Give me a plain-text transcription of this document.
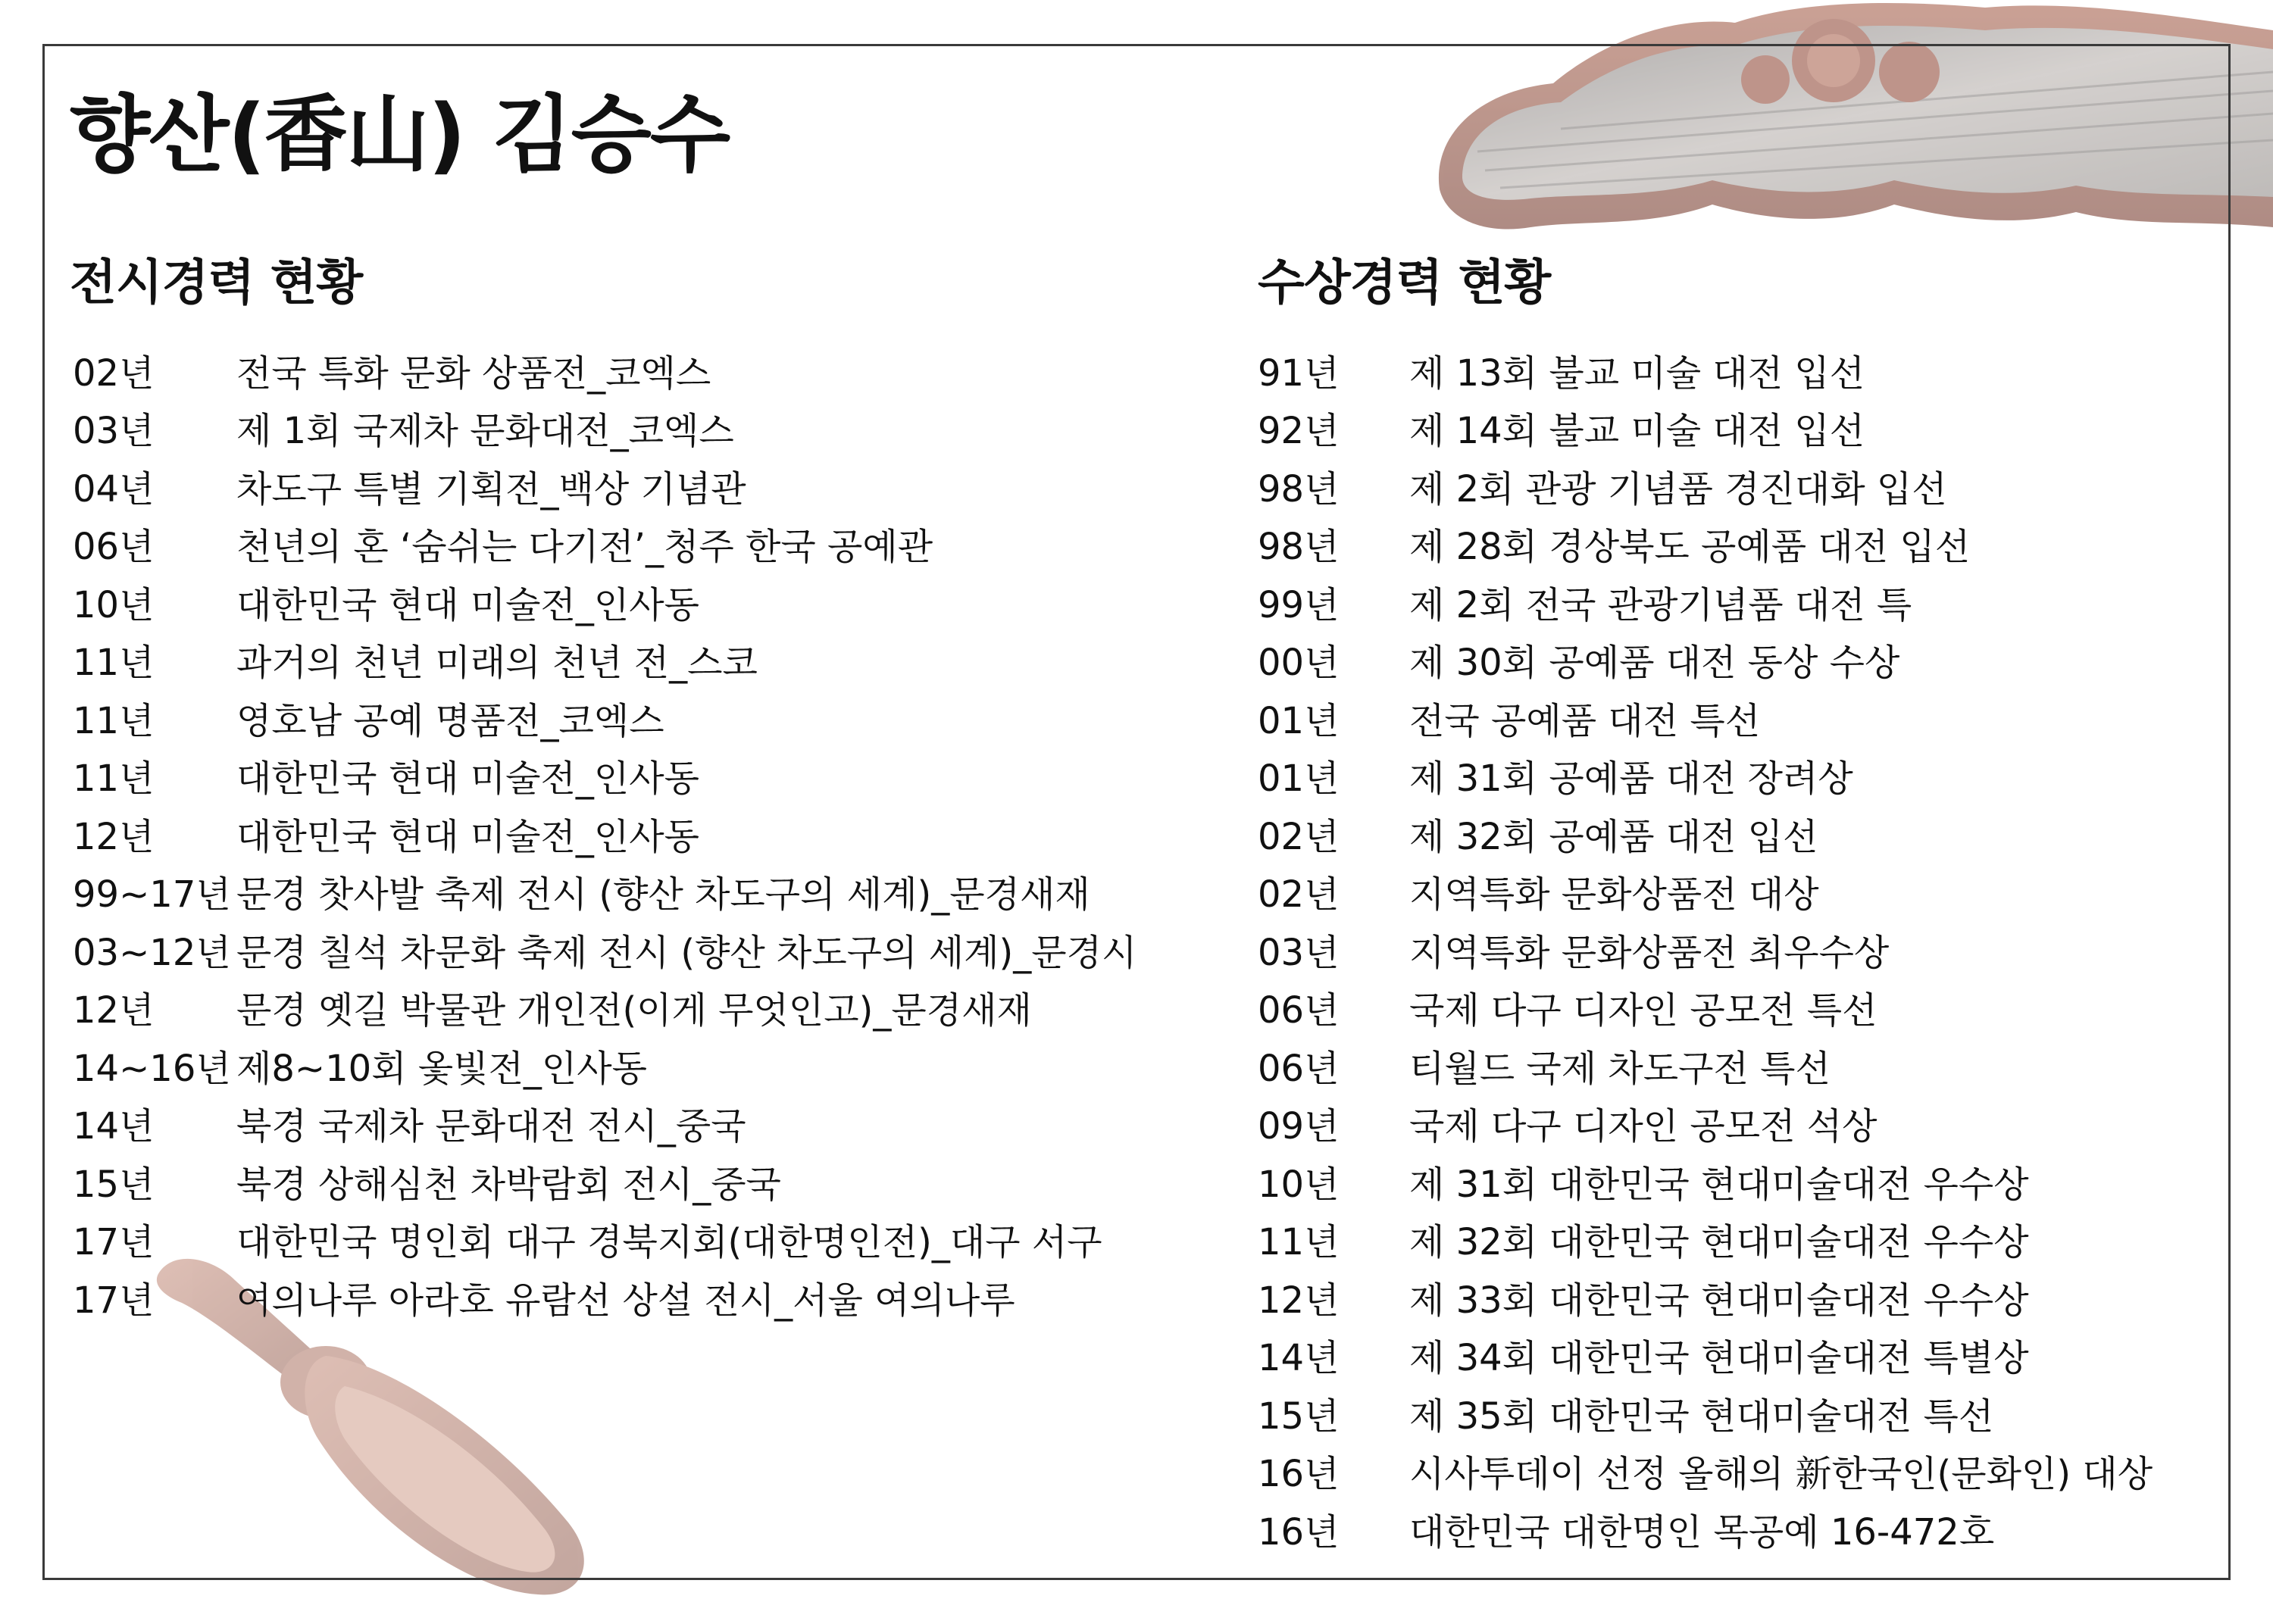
향산(香山) 김승수
전시경력 현황	수상경력 현황
02년	전국 특화 문화 상품전_코엑스
03년	제 1회 국제차 문화대전_코엑스
04년	차도구 특별 기획전_백상 기념관
06년	천년의 혼 ‘숨쉬는 다기전’_청주 한국 공예관
10년	대한민국 현대 미술전_인사동
11년	과거의 천년 미래의 천년 전_스코
11년	영호남 공예 명품전_코엑스
11년	대한민국 현대 미술전_인사동
12년	대한민국 현대 미술전_인사동
99~17년 문경 찻사발 축제 전시 (향산 차도구의 세계)_문경새재
03~12년 문경 칠석 차문화 축제 전시 (향산 차도구의 세계)_문경시
12년	문경 옛길 박물관 개인전(이게 무엇인고)_문경새재
14~16년 제8~10회 옻빛전_인사동
14년	북경 국제차 문화대전 전시_중국
15년	북경 상해심천 차박람회 전시_중국
17년	대한민국 명인회 대구 경북지회(대한명인전)_대구 서구
17년	여의나루 아라호 유람선 상설 전시_서울 여의나루
91년	제 13회 불교 미술 대전 입선
92년	제 14회 불교 미술 대전 입선
98년	제 2회 관광 기념품 경진대화 입선
98년	제 28회 경상북도 공예품 대전 입선
99년	제 2회 전국 관광기념품 대전 특
00년	제 30회 공예품 대전 동상 수상
01년	전국 공예품 대전 특선
01년	제 31회 공예품 대전 장려상
02년	제 32회 공예품 대전 입선
02년	지역특화 문화상품전 대상
03년	지역특화 문화상품전 최우수상
06년	국제 다구 디자인 공모전 특선
06년	티월드 국제 차도구전 특선
09년	국제 다구 디자인 공모전 석상
10년	제 31회 대한민국 현대미술대전 우수상
11년	제 32회 대한민국 현대미술대전 우수상
12년	제 33회 대한민국 현대미술대전 우수상
14년	제 34회 대한민국 현대미술대전 특별상
15년	제 35회 대한민국 현대미술대전 특선
16년	시사투데이 선정 올해의 新한국인(문화인) 대상
16년	대한민국 대한명인 목공예 16-472호
